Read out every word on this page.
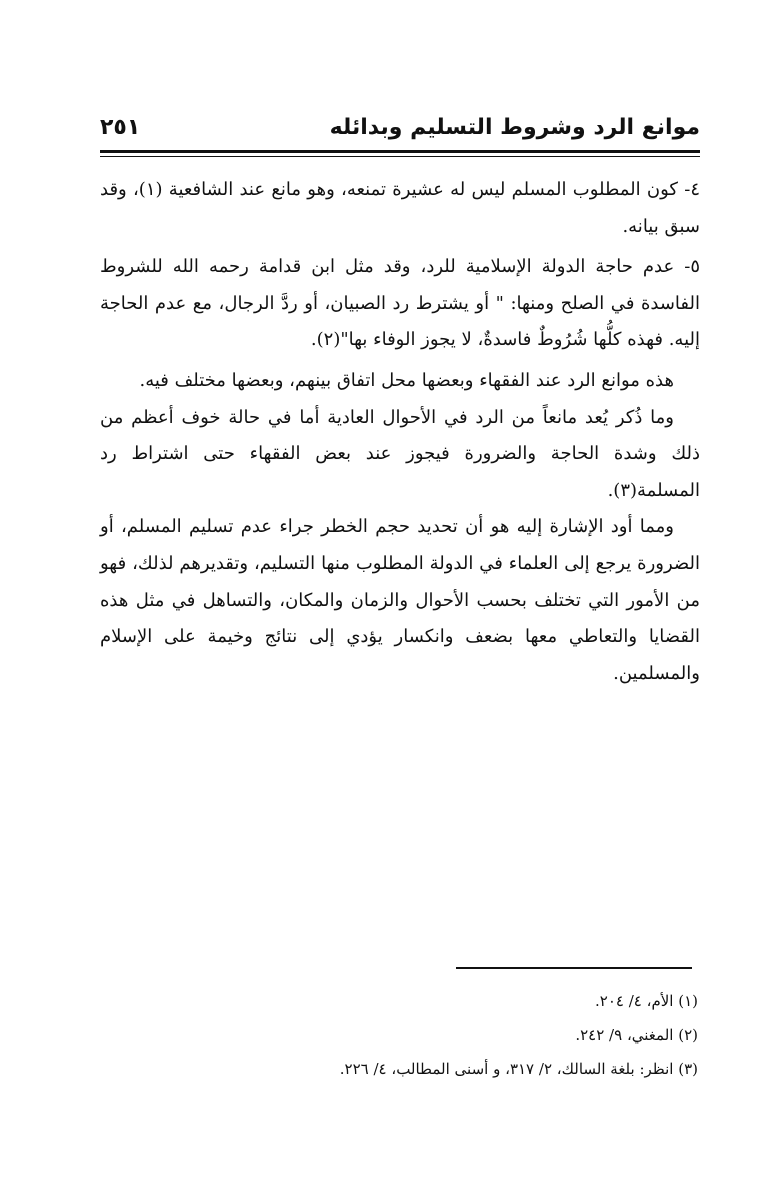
موانع الرد وشروط التسليم وبدائله
٢٥١

٤- كون المطلوب المسلم ليس له عشيرة تمنعه، وهو مانع عند الشافعية (١)، وقد سبق بيانه.

٥- عدم حاجة الدولة الإسلامية للرد، وقد مثل ابن قدامة رحمه الله للشروط الفاسدة في الصلح ومنها: " أو يشترط رد الصبيان، أو ردَّ الرجال، مع عدم الحاجة إليه. فهذه كلُّها شُرُوطٌ فاسدةٌ، لا يجوز الوفاء بها"(٢).

هذه موانع الرد عند الفقهاء وبعضها محل اتفاق بينهم، وبعضها مختلف فيه.

وما ذُكر يُعد مانعاً من الرد في الأحوال العادية أما في حالة خوف أعظم من ذلك وشدة الحاجة والضرورة فيجوز عند بعض الفقهاء حتى اشتراط رد المسلمة(٣).

ومما أود الإشارة إليه هو أن تحديد حجم الخطر جراء عدم تسليم المسلم، أو الضرورة يرجع إلى العلماء في الدولة المطلوب منها التسليم، وتقديرهم لذلك، فهو من الأمور التي تختلف بحسب الأحوال والزمان والمكان، والتساهل في مثل هذه القضايا والتعاطي معها بضعف وانكسار يؤدي إلى نتائج وخيمة على الإسلام والمسلمين.

(١) الأم، ٤/ ٢٠٤.

(٢) المغني، ٩/ ٢٤٢.

(٣) انظر: بلغة السالك، ٢/ ٣١٧، و أسنى المطالب، ٤/ ٢٢٦.
